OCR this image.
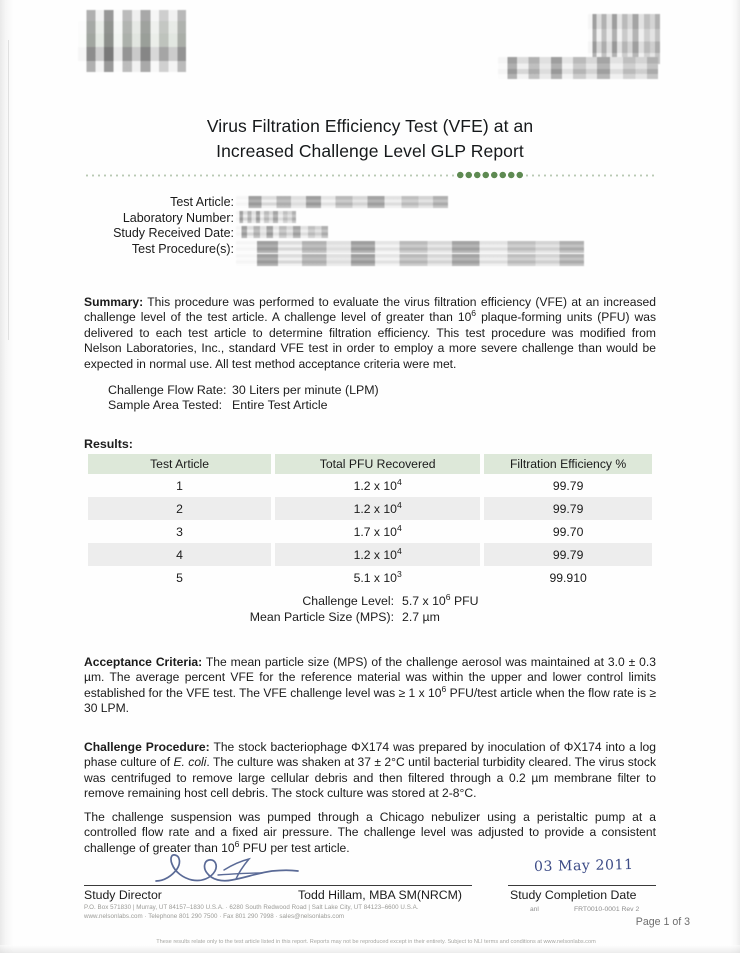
Virus Filtration Efficiency Test (VFE) at an
Increased Challenge Level GLP Report
Test Article:
Laboratory Number:
Study Received Date:
Test Procedure(s):
Summary: This procedure was performed to evaluate the virus filtration efficiency (VFE) at an increased challenge level of the test article. A challenge level of greater than $10^6$ plaque-forming units (PFU) was delivered to each test article to determine filtration efficiency. This test procedure was modified from Nelson Laboratories, Inc., standard VFE test in order to employ a more severe challenge than would be expected in normal use. All test method acceptance criteria were met.
Challenge Flow Rate: 30 Liters per minute (LPM)
Sample Area Tested: Entire Test Article
Results:
Test Article	Total PFU Recovered	Filtration Efficiency %
1	1.2 x $10^4$	99.79
2	1.2 x $10^4$	99.79
3	1.7 x $10^4$	99.70
4	1.2 x $10^4$	99.79
5	5.1 x $10^3$	99.910
Challenge Level: 5.7 x $10^6$ PFU
Mean Particle Size (MPS): 2.7 µm
Acceptance Criteria: The mean particle size (MPS) of the challenge aerosol was maintained at 3.0 ± 0.3 µm. The average percent VFE for the reference material was within the upper and lower control limits established for the VFE test. The VFE challenge level was ≥ 1 x $10^6$ PFU/test article when the flow rate is ≥ 30 LPM.
Challenge Procedure: The stock bacteriophage ΦX174 was prepared by inoculation of ΦX174 into a log phase culture of E. coli. The culture was shaken at 37 ± 2°C until bacterial turbidity cleared. The virus stock was centrifuged to remove large cellular debris and then filtered through a 0.2 µm membrane filter to remove remaining host cell debris. The stock culture was stored at 2-8°C.
The challenge suspension was pumped through a Chicago nebulizer using a peristaltic pump at a controlled flow rate and a fixed air pressure. The challenge level was adjusted to provide a consistent challenge of greater than $10^6$ PFU per test article.
03 May 2011
Study Director	Todd Hillam, MBA SM(NRCM)	Study Completion Date
P.O. Box 571830 | Murray, UT 84157–1830 U.S.A. · 6280 South Redwood Road | Salt Lake City, UT 84123–6600 U.S.A.
www.nelsonlabs.com · Telephone 801 290 7500 · Fax 801 290 7998 · sales@nelsonlabs.com
anl	FRT0010-0001 Rev 2
Page 1 of 3
These results relate only to the test article listed in this report. Reports may not be reproduced except in their entirety. Subject to NLI terms and conditions at www.nelsonlabs.com
